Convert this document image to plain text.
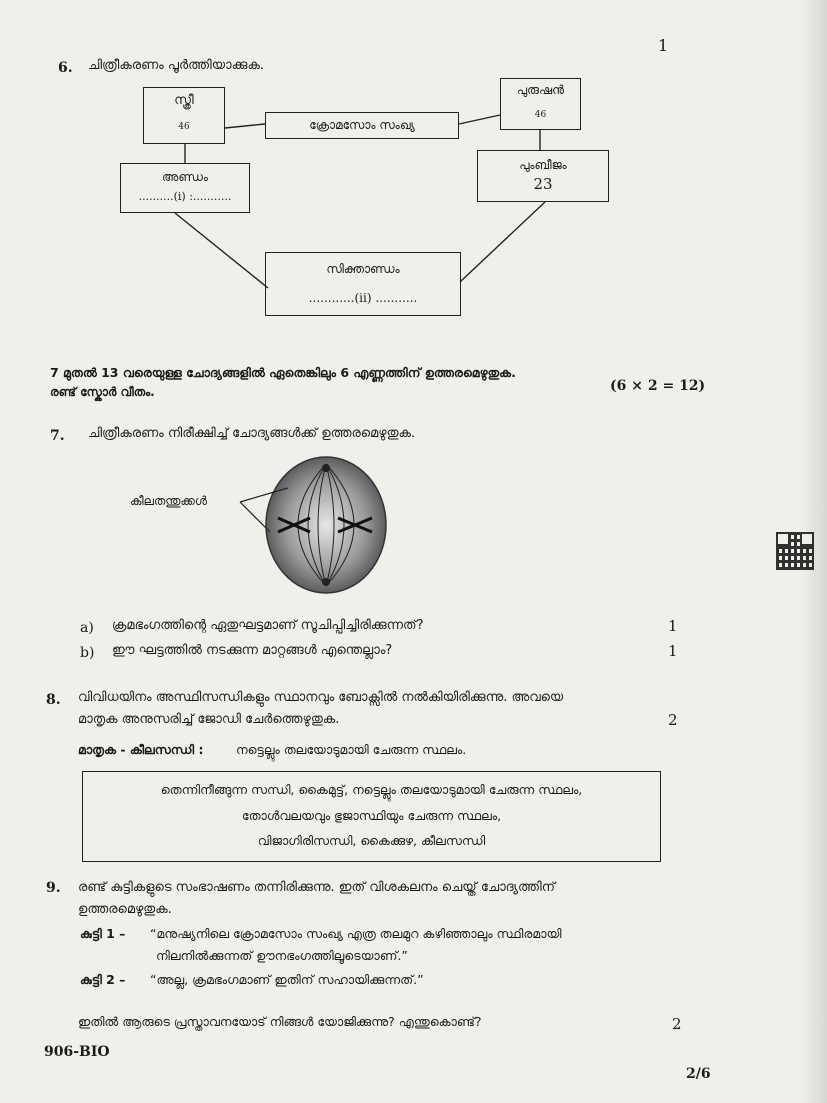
1
6. ചിത്രീകരണം പൂർത്തിയാക്കുക.
സ്ത്രീ
46	ക്രോമസോം സംഖ്യ
പുരുഷൻ
46
അണ്ഡം
..........(i) :...........
പുംബീജം
23
സിക്താണ്ഡം
............(ii) ...........
7 മുതൽ 13 വരെയുള്ള ചോദ്യങ്ങളിൽ ഏതെങ്കിലും 6 എണ്ണത്തിന് ഉത്തരമെഴുതുക.
രണ്ട് സ്കോർ വീതം.	(6 × 2 = 12)
7. ചിത്രീകരണം നിരീക്ഷിച്ച് ചോദ്യങ്ങൾക്ക് ഉത്തരമെഴുതുക.
കീലതന്തുക്കൾ
a) ക്രമഭംഗത്തിന്റെ ഏതുഘട്ടമാണ് സൂചിപ്പിച്ചിരിക്കുന്നത്?	1
b) ഈ ഘട്ടത്തിൽ നടക്കുന്ന മാറ്റങ്ങൾ എന്തെല്ലാം?	1
8. വിവിധയിനം അസ്ഥിസന്ധികളും സ്ഥാനവും ബോക്സിൽ നൽകിയിരിക്കുന്നു. അവയെ
മാതൃക അനുസരിച്ച് ജോഡി ചേർത്തെഴുതുക.	2
മാതൃക - കീലസന്ധി :	നട്ടെല്ലും തലയോടുമായി ചേരുന്ന സ്ഥലം.
തെന്നിനീങ്ങുന്ന സന്ധി, കൈമുട്ട്, നട്ടെല്ലും തലയോടുമായി ചേരുന്ന സ്ഥലം,
തോൾവലയവും ഭുജാസ്ഥിയും ചേരുന്ന സ്ഥലം,
വിജാഗിരിസന്ധി, കൈക്കുഴ, കീലസന്ധി
9. രണ്ട് കുട്ടികളുടെ സംഭാഷണം തന്നിരിക്കുന്നു. ഇത് വിശകലനം ചെയ്ത് ചോദ്യത്തിന്
ഉത്തരമെഴുതുക.
കുട്ടി 1 – “മനുഷ്യനിലെ ക്രോമസോം സംഖ്യ എത്ര തലമുറ കഴിഞ്ഞാലും സ്ഥിരമായി
നിലനിൽക്കുന്നത് ഊനഭംഗത്തിലൂടെയാണ്.”
കുട്ടി 2 – “അല്ല, ക്രമഭംഗമാണ് ഇതിന് സഹായിക്കുന്നത്.”
ഇതിൽ ആരുടെ പ്രസ്താവനയോട് നിങ്ങൾ യോജിക്കുന്നു? എന്തുകൊണ്ട്?	2
906-BIO
2/6
